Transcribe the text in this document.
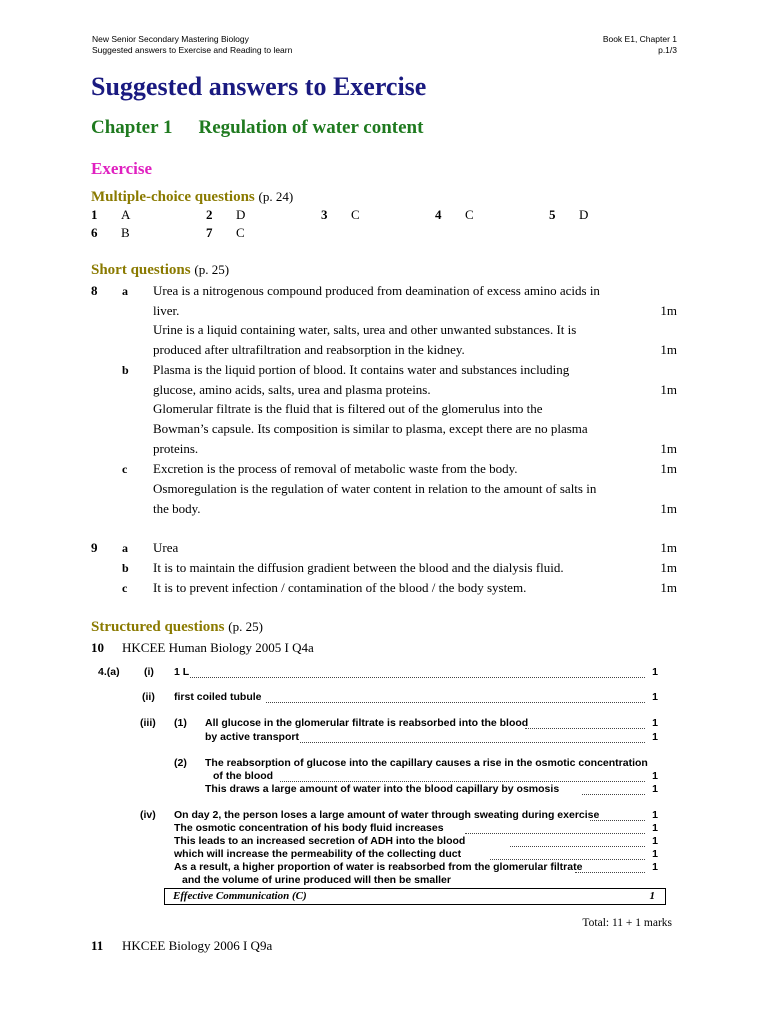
New Senior Secondary Mastering Biology
Suggested answers to Exercise and Reading to learn
Book E1, Chapter 1
p.1/3
Suggested answers to Exercise
Chapter 1 Regulation of water content
Exercise
Multiple-choice questions (p. 24)
1 A	2 D	3 C	4 C	5 D
6 B	7 C
Short questions (p. 25)
8 a Urea is a nitrogenous compound produced from deamination of excess amino acids in
liver.	1m
Urine is a liquid containing water, salts, urea and other unwanted substances. It is
produced after ultrafiltration and reabsorption in the kidney.	1m
b Plasma is the liquid portion of blood. It contains water and substances including
glucose, amino acids, salts, urea and plasma proteins.	1m
Glomerular filtrate is the fluid that is filtered out of the glomerulus into the
Bowman’s capsule. Its composition is similar to plasma, except there are no plasma
proteins.	1m
c Excretion is the process of removal of metabolic waste from the body.	1m
Osmoregulation is the regulation of water content in relation to the amount of salts in
the body.	1m
9 a Urea	1m
b It is to maintain the diffusion gradient between the blood and the dialysis fluid.	1m
c It is to prevent infection / contamination of the blood / the body system.	1m
Structured questions (p. 25)
10 HKCEE Human Biology 2005 I Q4a
4.(a) (i) 1 L	1
(ii) first coiled tubule	1
(iii) (1) All glucose in the glomerular filtrate is reabsorbed into the blood	1
by active transport	1
(2) The reabsorption of glucose into the capillary causes a rise in the osmotic concentration
of the blood	1
This draws a large amount of water into the blood capillary by osmosis	1
(iv) On day 2, the person loses a large amount of water through sweating during exercise	1
The osmotic concentration of his body fluid increases	1
This leads to an increased secretion of ADH into the blood	1
which will increase the permeability of the collecting duct	1
As a result, a higher proportion of water is reabsorbed from the glomerular filtrate	1
and the volume of urine produced will then be smaller
Effective Communication (C)	1
Total: 11 + 1 marks
11 HKCEE Biology 2006 I Q9a
